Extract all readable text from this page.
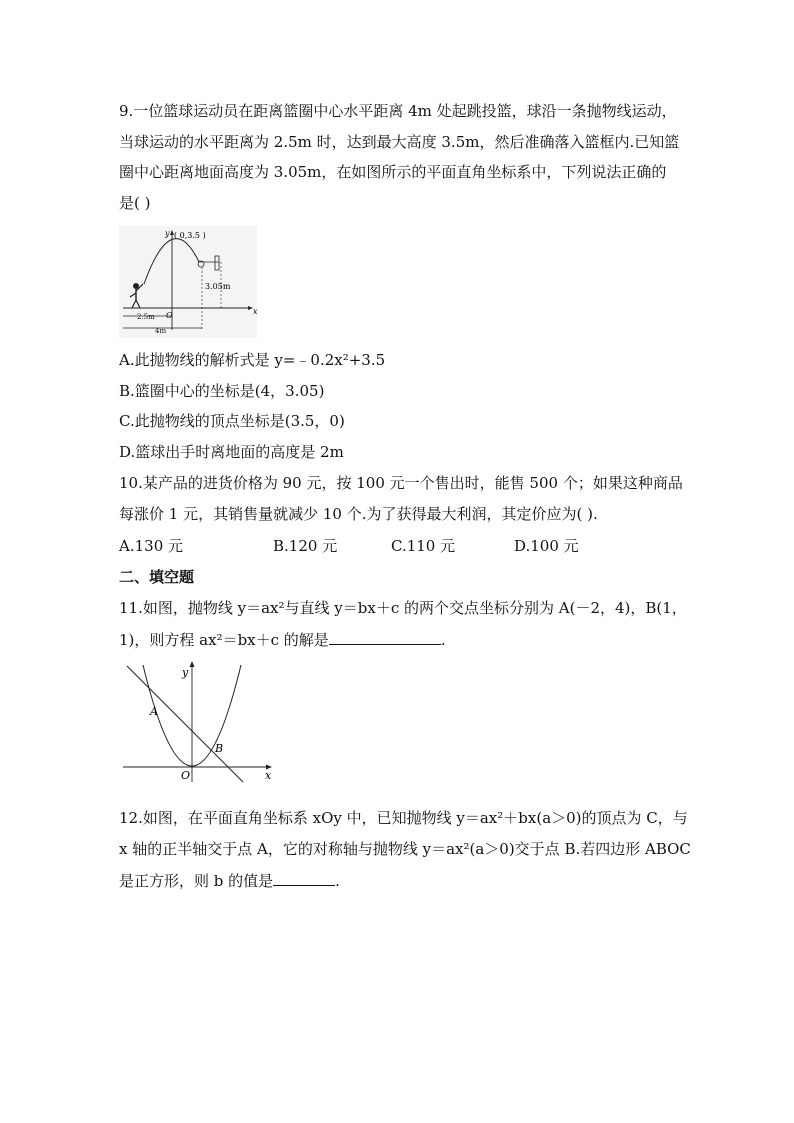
9.一位篮球运动员在距离篮圈中心水平距离 4m 处起跳投篮，球沿一条抛物线运动，
当球运动的水平距离为 2.5m 时，达到最大高度 3.5m，然后准确落入篮框内.已知篮
圈中心距离地面高度为 3.05m，在如图所示的平面直角坐标系中，下列说法正确的
是( )
y
x
( 0,3.5 )
O
3.05m
2.5m
4m
A.此抛物线的解析式是 y=﹣0.2x²+3.5
B.篮圈中心的坐标是(4，3.05)
C.此抛物线的顶点坐标是(3.5，0)
D.篮球出手时离地面的高度是 2m
10.某产品的进货价格为 90 元，按 100 元一个售出时，能售 500 个；如果这种商品
每涨价 1 元，其销售量就减少 10 个.为了获得最大利润，其定价应为( ).
A.130 元	B.120 元	C.110 元	D.100 元
二、填空题
11.如图，抛物线 y＝ax²与直线 y＝bx＋c 的两个交点坐标分别为 A(－2，4)，B(1，
1)，则方程 ax²＝bx＋c 的解是	.
y
x
O
A
B
12.如图，在平面直角坐标系 xOy 中，已知抛物线 y＝ax²＋bx(a＞0)的顶点为 C，与
x 轴的正半轴交于点 A，它的对称轴与抛物线 y＝ax²(a＞0)交于点 B.若四边形 ABOC
是正方形，则 b 的值是	.
